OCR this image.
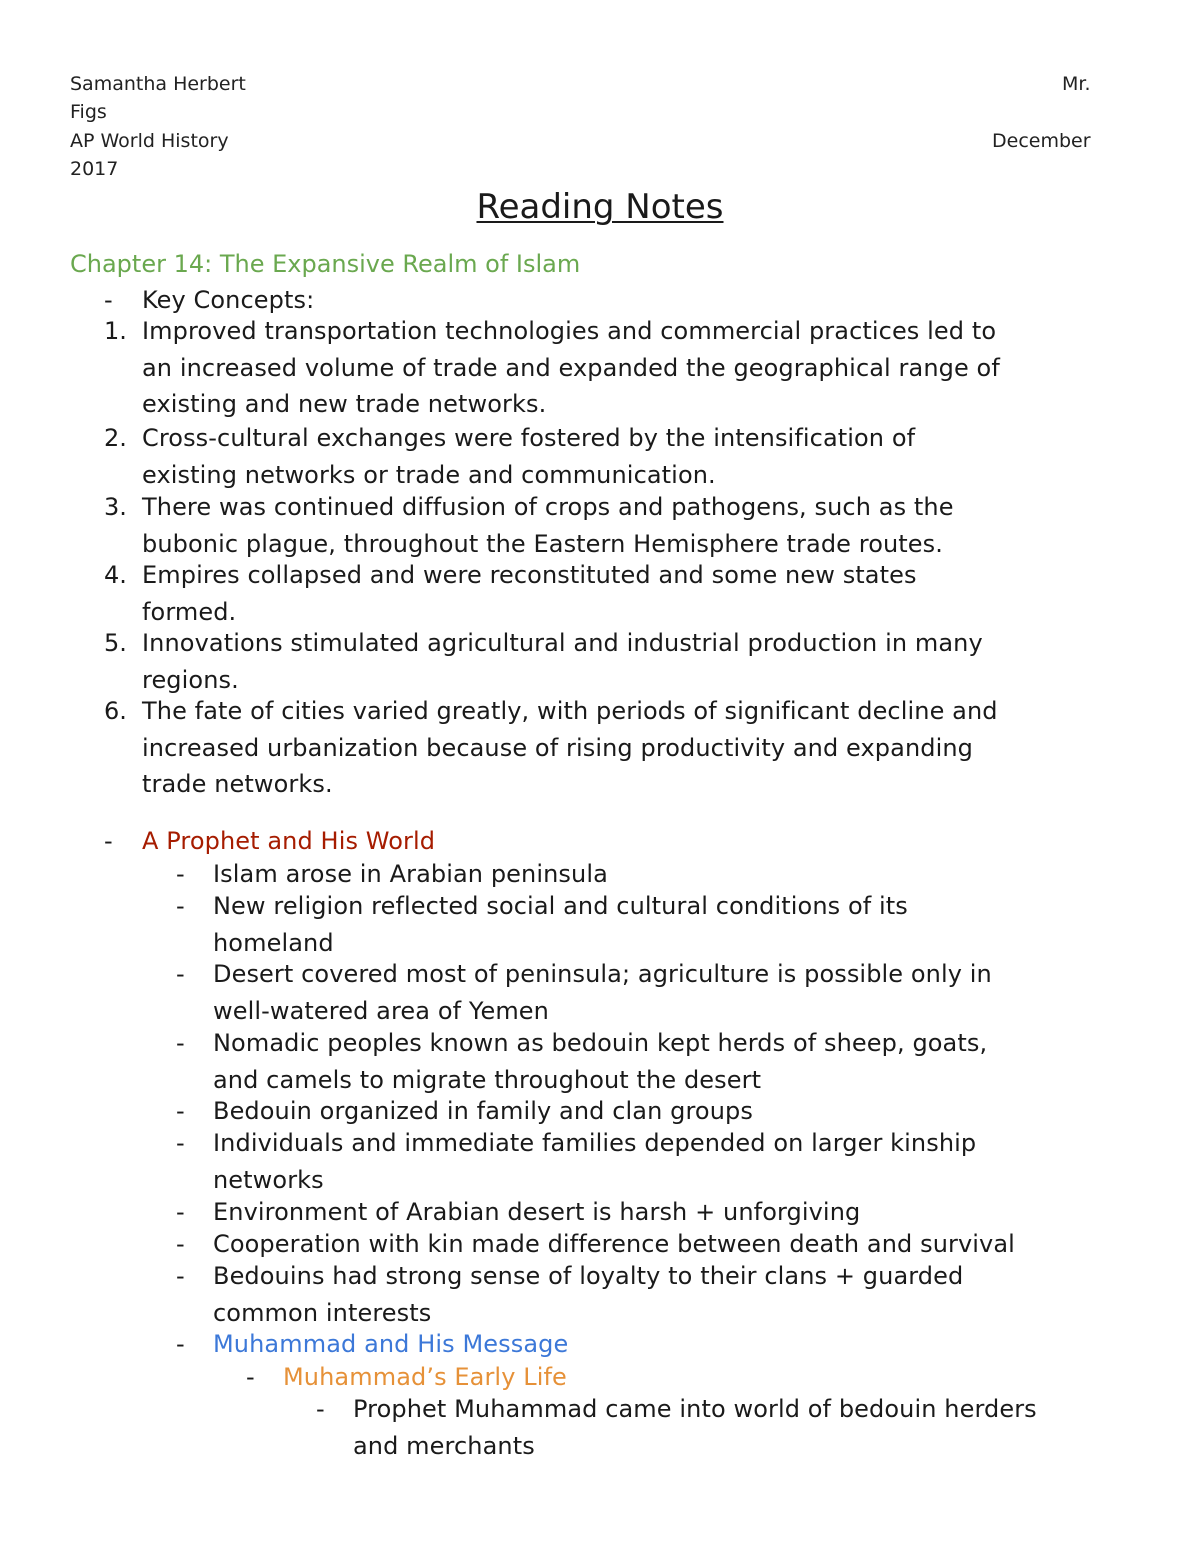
Samantha Herbert	Mr.
Figs
AP World History	December
2017
Reading Notes
Chapter 14: The Expansive Realm of Islam
-	Key Concepts:
1. Improved transportation technologies and commercial practices led to
an increased volume of trade and expanded the geographical range of
existing and new trade networks.
2. Cross-cultural exchanges were fostered by the intensification of
existing networks or trade and communication.
3. There was continued diffusion of crops and pathogens, such as the
bubonic plague, throughout the Eastern Hemisphere trade routes.
4. Empires collapsed and were reconstituted and some new states
formed.
5. Innovations stimulated agricultural and industrial production in many
regions.
6. The fate of cities varied greatly, with periods of significant decline and
increased urbanization because of rising productivity and expanding
trade networks.
-	A Prophet and His World
-	Islam arose in Arabian peninsula
-	New religion reflected social and cultural conditions of its
homeland
-	Desert covered most of peninsula; agriculture is possible only in
well-watered area of Yemen
-	Nomadic peoples known as bedouin kept herds of sheep, goats,
and camels to migrate throughout the desert
-	Bedouin organized in family and clan groups
-	Individuals and immediate families depended on larger kinship
networks
-	Environment of Arabian desert is harsh + unforgiving
-	Cooperation with kin made difference between death and survival
-	Bedouins had strong sense of loyalty to their clans + guarded
common interests
-	Muhammad and His Message
-	Muhammad’s Early Life
-	Prophet Muhammad came into world of bedouin herders
and merchants
